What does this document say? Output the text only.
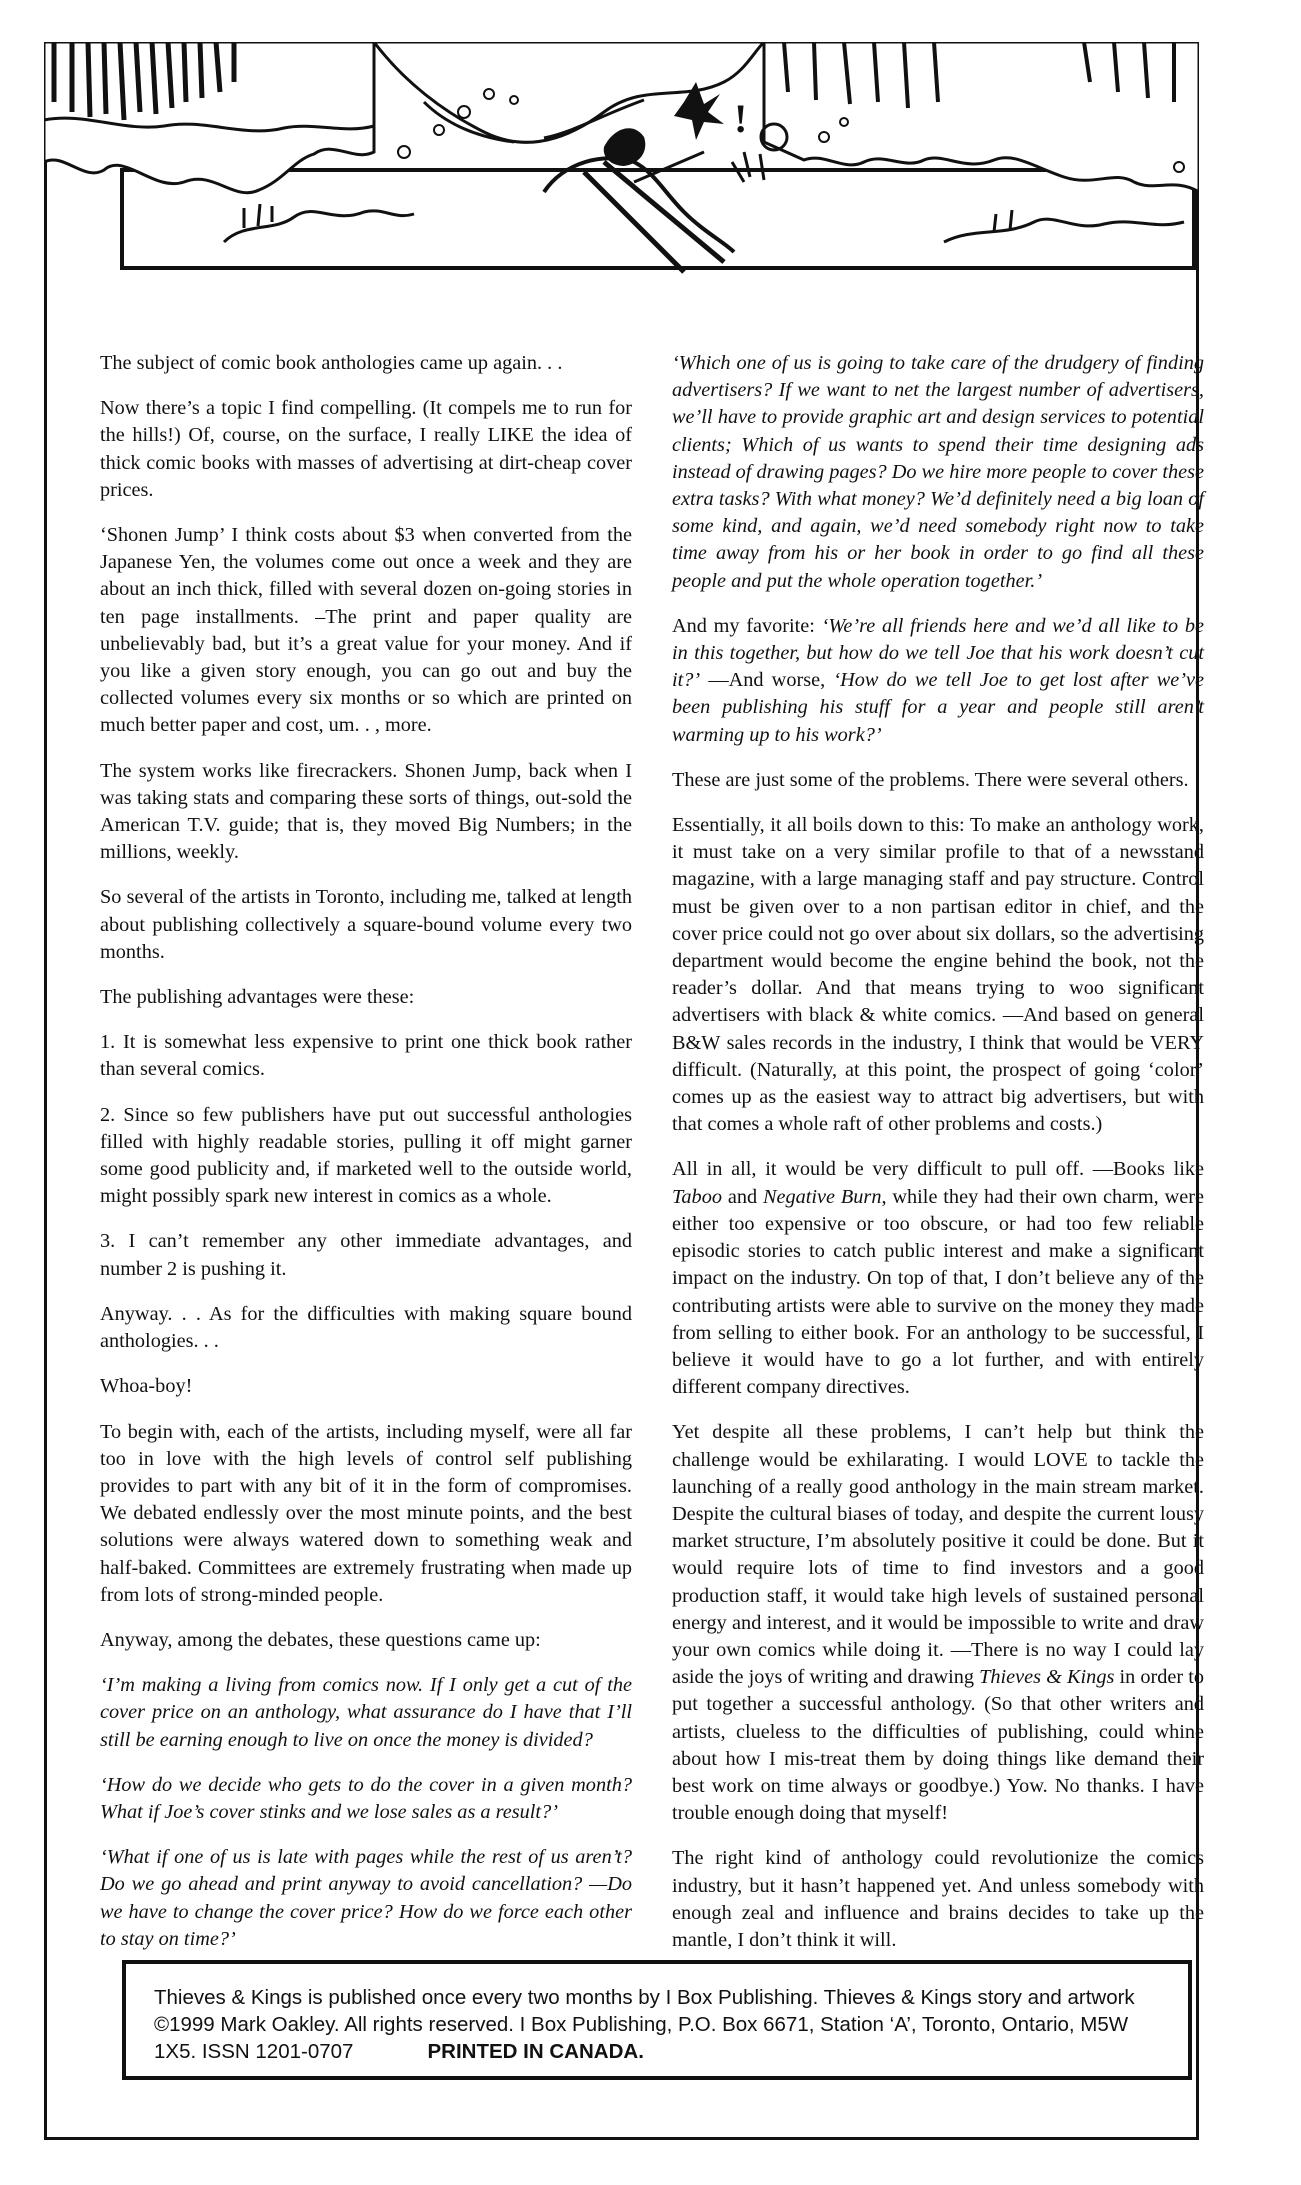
!

The subject of comic book anthologies came up again. . .

Now there’s a topic I find compelling. (It compels me to run for the hills!) Of, course, on the surface, I really LIKE the idea of thick comic books with masses of advertising at dirt-cheap cover prices.

‘Shonen Jump’ I think costs about $3 when converted from the Japanese Yen, the volumes come out once a week and they are about an inch thick, filled with several dozen on-going stories in ten page installments. –The print and paper quality are unbelievably bad, but it’s a great value for your money. And if you like a given story enough, you can go out and buy the collected volumes every six months or so which are printed on much better paper and cost, um. . , more.

The system works like firecrackers. Shonen Jump, back when I was taking stats and comparing these sorts of things, out-sold the American T.V. guide; that is, they moved Big Numbers; in the millions, weekly.

So several of the artists in Toronto, including me, talked at length about publishing collectively a square-bound volume every two months.

The publishing advantages were these:

1. It is somewhat less expensive to print one thick book rather than several comics.

2. Since so few publishers have put out successful anthologies filled with highly readable stories, pulling it off might garner some good publicity and, if marketed well to the outside world, might possibly spark new interest in comics as a whole.

3. I can’t remember any other immediate advantages, and number 2 is pushing it.

Anyway. . . As for the difficulties with making square bound anthologies. . .

Whoa-boy!

To begin with, each of the artists, including myself, were all far too in love with the high levels of control self publishing provides to part with any bit of it in the form of compromises. We debated endlessly over the most minute points, and the best solutions were always watered down to something weak and half-baked. Committees are extremely frustrating when made up from lots of strong-minded people.

Anyway, among the debates, these questions came up:

‘I’m making a living from comics now. If I only get a cut of the cover price on an anthology, what assurance do I have that I’ll still be earning enough to live on once the money is divided?

‘How do we decide who gets to do the cover in a given month? What if Joe’s cover stinks and we lose sales as a result?’

‘What if one of us is late with pages while the rest of us aren’t? Do we go ahead and print anyway to avoid cancellation? —Do we have to change the cover price? How do we force each other to stay on time?’

‘Which one of us is going to take care of the drudgery of finding advertisers? If we want to net the largest number of advertisers, we’ll have to provide graphic art and design services to potential clients; Which of us wants to spend their time designing ads instead of drawing pages? Do we hire more people to cover these extra tasks? With what money? We’d definitely need a big loan of some kind, and again, we’d need somebody right now to take time away from his or her book in order to go find all these people and put the whole operation together.’

And my favorite: ‘We’re all friends here and we’d all like to be in this together, but how do we tell Joe that his work doesn’t cut it?’ —And worse, ‘How do we tell Joe to get lost after we’ve been publishing his stuff for a year and people still aren’t warming up to his work?’

These are just some of the problems. There were several others.

Essentially, it all boils down to this: To make an anthology work, it must take on a very similar profile to that of a newsstand magazine, with a large managing staff and pay structure. Control must be given over to a non partisan editor in chief, and the cover price could not go over about six dollars, so the advertising department would become the engine behind the book, not the reader’s dollar. And that means trying to woo significant advertisers with black & white comics. —And based on general B&W sales records in the industry, I think that would be VERY difficult. (Naturally, at this point, the prospect of going ‘color’ comes up as the easiest way to attract big advertisers, but with that comes a whole raft of other problems and costs.)

All in all, it would be very difficult to pull off. —Books like Taboo and Negative Burn, while they had their own charm, were either too expensive or too obscure, or had too few reliable episodic stories to catch public interest and make a significant impact on the industry. On top of that, I don’t believe any of the contributing artists were able to survive on the money they made from selling to either book. For an anthology to be successful, I believe it would have to go a lot further, and with entirely different company directives.

Yet despite all these problems, I can’t help but think the challenge would be exhilarating. I would LOVE to tackle the launching of a really good anthology in the main stream market. Despite the cultural biases of today, and despite the current lousy market structure, I’m absolutely positive it could be done. But it would require lots of time to find investors and a good production staff, it would take high levels of sustained personal energy and interest, and it would be impossible to write and draw your own comics while doing it. —There is no way I could lay aside the joys of writing and drawing Thieves & Kings in order to put together a successful anthology. (So that other writers and artists, clueless to the difficulties of publishing, could whine about how I mis-treat them by doing things like demand their best work on time always or goodbye.) Yow. No thanks. I have trouble enough doing that myself!

The right kind of anthology could revolutionize the comics industry, but it hasn’t happened yet. And unless somebody with enough zeal and influence and brains decides to take up the mantle, I don’t think it will.

Thieves & Kings is published once every two months by I Box Publishing. Thieves & Kings story and artwork ©1999 Mark Oakley. All rights reserved. I Box Publishing, P.O. Box 6671, Station ‘A’, Toronto, Ontario, M5W 1X5. ISSN 1201-0707	PRINTED IN CANADA.
